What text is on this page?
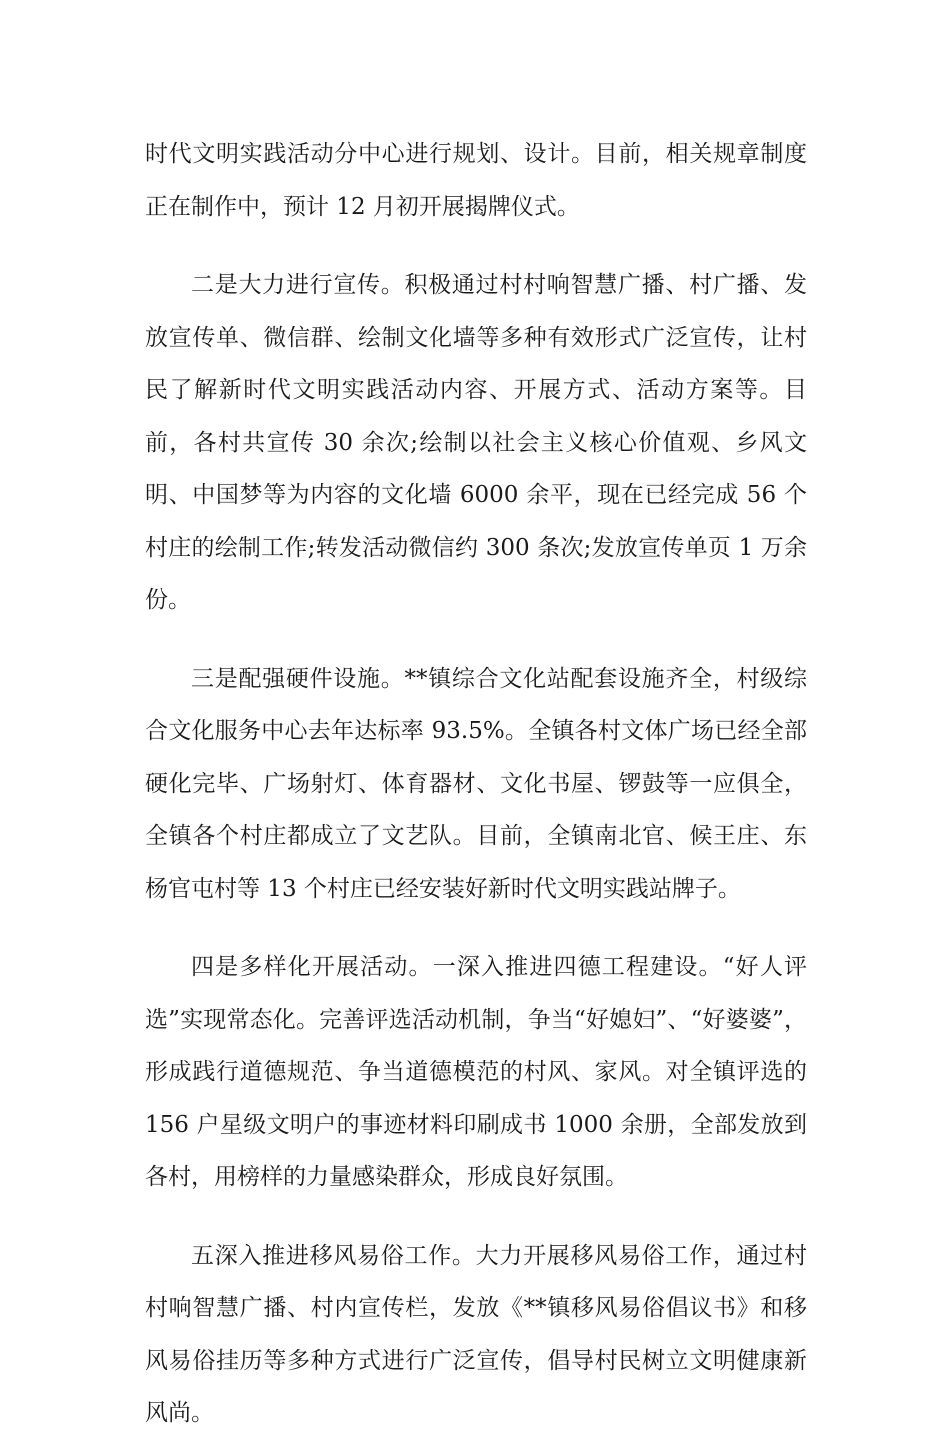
时代文明实践活动分中心进行规划、设计。目前，相关规章制度正在制作中，预计 12 月初开展揭牌仪式。

二是大力进行宣传。积极通过村村响智慧广播、村广播、发放宣传单、微信群、绘制文化墙等多种有效形式广泛宣传，让村民了解新时代文明实践活动内容、开展方式、活动方案等。目前，各村共宣传 30 余次;绘制以社会主义核心价值观、乡风文明、中国梦等为内容的文化墙 6000 余平，现在已经完成 56 个村庄的绘制工作;转发活动微信约 300 条次;发放宣传单页 1 万余份。

三是配强硬件设施。**镇综合文化站配套设施齐全，村级综合文化服务中心去年达标率 93.5%。全镇各村文体广场已经全部硬化完毕、广场射灯、体育器材、文化书屋、锣鼓等一应俱全，全镇各个村庄都成立了文艺队。目前，全镇南北官、候王庄、东杨官屯村等 13 个村庄已经安装好新时代文明实践站牌子。

四是多样化开展活动。一深入推进四德工程建设。“好人评选”实现常态化。完善评选活动机制，争当“好媳妇”、“好婆婆”，形成践行道德规范、争当道德模范的村风、家风。对全镇评选的 156 户星级文明户的事迹材料印刷成书 1000 余册，全部发放到各村，用榜样的力量感染群众，形成良好氛围。

五深入推进移风易俗工作。大力开展移风易俗工作，通过村村响智慧广播、村内宣传栏，发放《**镇移风易俗倡议书》和移风易俗挂历等多种方式进行广泛宣传，倡导村民树立文明健康新风尚。
